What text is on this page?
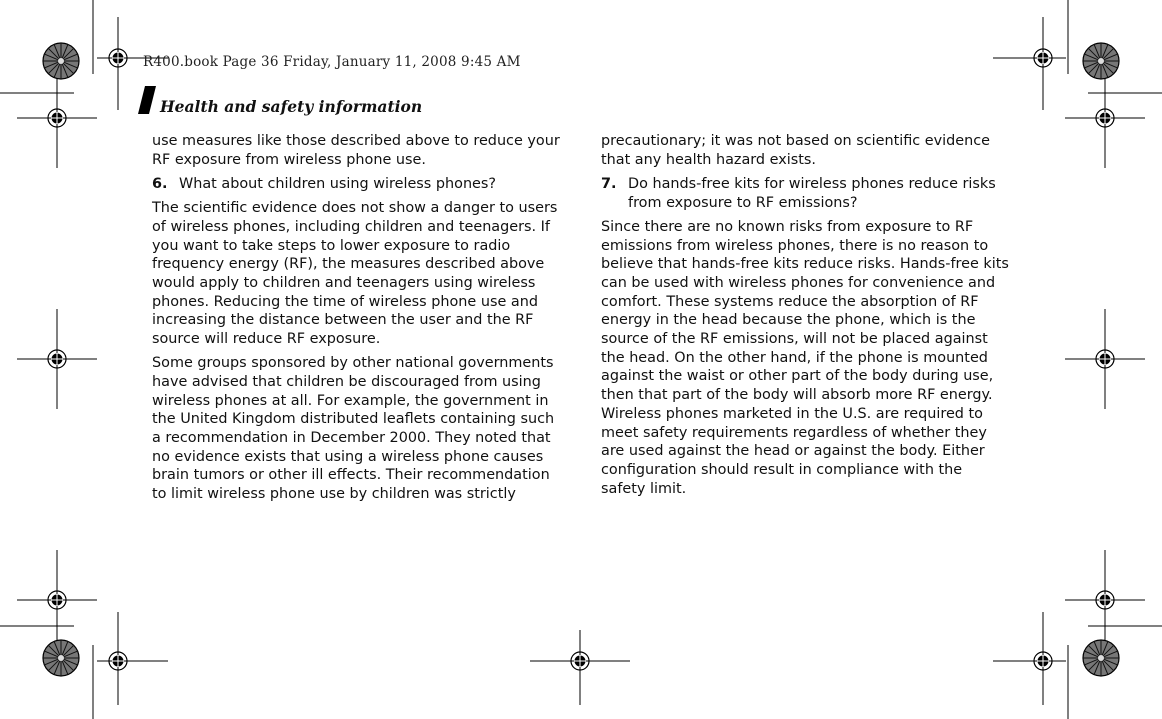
R400.book Page 36 Friday, January 11, 2008 9:45 AM
Health and safety information

use measures like those described above to reduce your RF exposure from wireless phone use.

6. What about children using wireless phones?

The scientific evidence does not show a danger to users of wireless phones, including children and teenagers. If you want to take steps to lower exposure to radio frequency energy (RF), the measures described above would apply to children and teenagers using wireless phones. Reducing the time of wireless phone use and increasing the distance between the user and the RF source will reduce RF exposure.

Some groups sponsored by other national governments have advised that children be discouraged from using wireless phones at all. For example, the government in the United Kingdom distributed leaflets containing such a recommendation in December 2000. They noted that no evidence exists that using a wireless phone causes brain tumors or other ill effects. Their recommendation to limit wireless phone use by children was strictly

precautionary; it was not based on scientific evidence that any health hazard exists.

7. Do hands-free kits for wireless phones reduce risks from exposure to RF emissions?

Since there are no known risks from exposure to RF emissions from wireless phones, there is no reason to believe that hands-free kits reduce risks. Hands-free kits can be used with wireless phones for convenience and comfort. These systems reduce the absorption of RF energy in the head because the phone, which is the source of the RF emissions, will not be placed against the head. On the other hand, if the phone is mounted against the waist or other part of the body during use, then that part of the body will absorb more RF energy. Wireless phones marketed in the U.S. are required to meet safety requirements regardless of whether they are used against the head or against the body. Either configuration should result in compliance with the safety limit.
